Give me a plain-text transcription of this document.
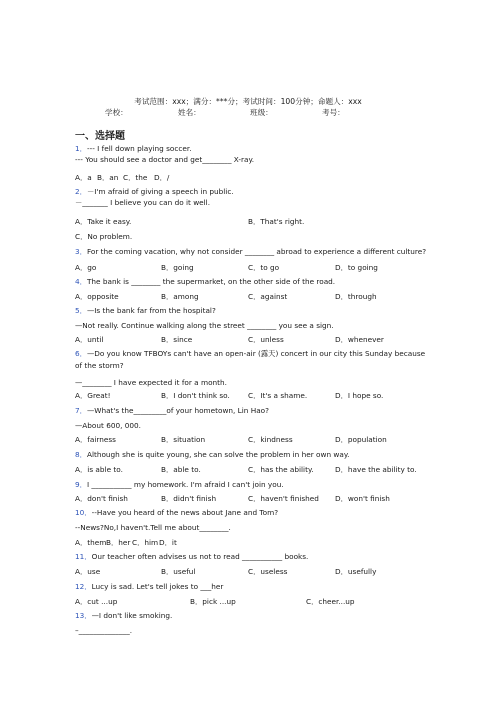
考试范围：xxx；满分：***分；考试时间：100分钟；命题人：xxx
学校：	姓名：	班级：	考号：
一、选择题
1．--- I fell down playing soccer.
--- You should see a doctor and get________ X-ray.
A．a B．an C．the D．/
2．－I'm afraid of giving a speech in public.
－_______ I believe you can do it well.
A．Take it easy.	B．That's right.
C．No problem.
3．For the coming vacation, why not consider ________ abroad to experience a different culture?
A．go	B．going	C．to go	D．to going
4．The bank is ________ the supermarket, on the other side of the road.
A．opposite	B．among	C．against	D．through
5．—Is the bank far from the hospital?
—Not really. Continue walking along the street ________ you see a sign.
A．until	B．since	C．unless	D．whenever
6．—Do you know TFBOYs can't have an open-air (露天) concert in our city this Sunday because
of the storm?
—________ I have expected it for a month.
A．Great!	B．I don't think so. C．It's a shame.	D．I hope so.
7．—What's the_________of your hometown, Lin Hao?
—About 600, 000.
A．fairness	B．situation	C．kindness	D．population
8．Although she is quite young, she can solve the problem in her own way.
A．is able to.	B．able to.	C．has the ability.	D．have the ability to.
9．I ___________ my homework. I'm afraid I can't join you.
A．don't finish	B．didn't finish	C．haven't finished D．won't finish
10．--Have you heard of the news about Jane and Tom?
--News?No,I haven't.Tell me about________.
A．them B．her C．him D．it
11．Our teacher often advises us not to read ___________ books.
A．use	B．useful	C．useless	D．usefully
12．Lucy is sad. Let's tell jokes to ___her
A．cut ...up	B．pick ...up	C．cheer...up
13．—I don't like smoking.
–______________.
